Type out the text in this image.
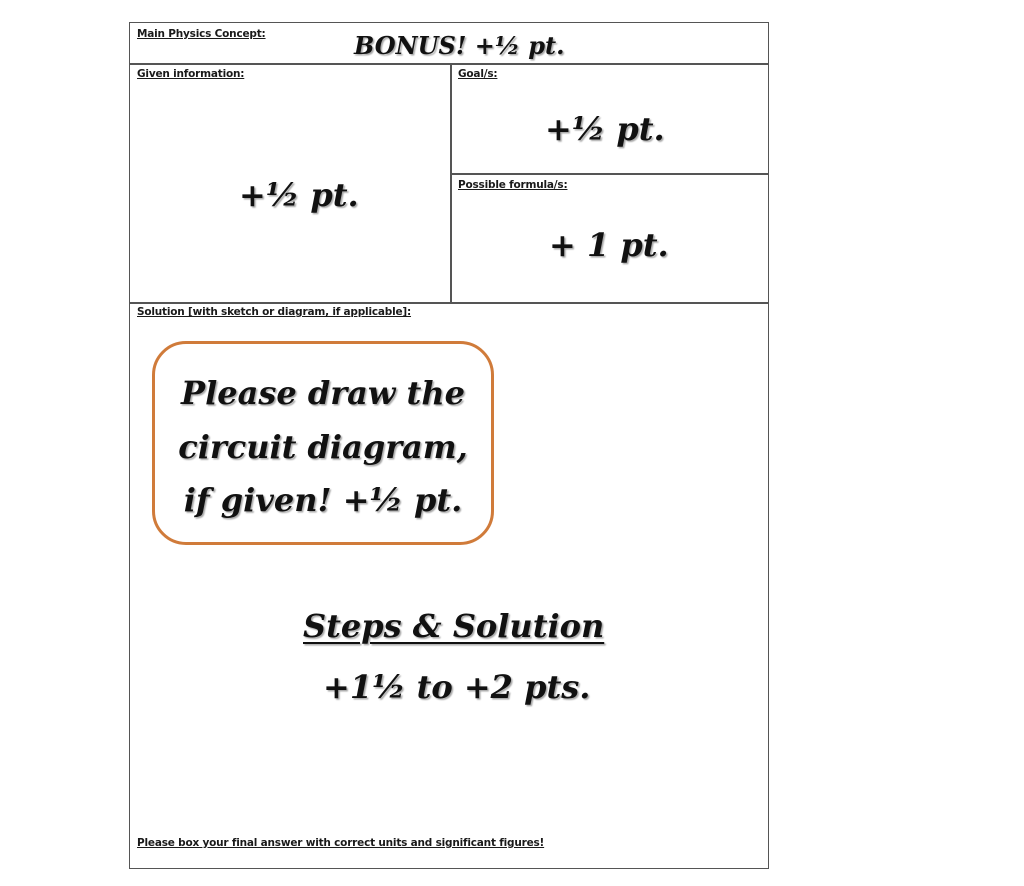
Main Physics Concept:	BONUS! +½ pt.
Given information:
+½ pt.
Goal/s:
+½ pt.
Possible formula/s:
+ 1 pt.
Solution [with sketch or diagram, if applicable]:
Please draw the
circuit diagram,
if given! +½ pt.
Steps & Solution
+1½ to +2 pts.
Please box your final answer with correct units and significant figures!
